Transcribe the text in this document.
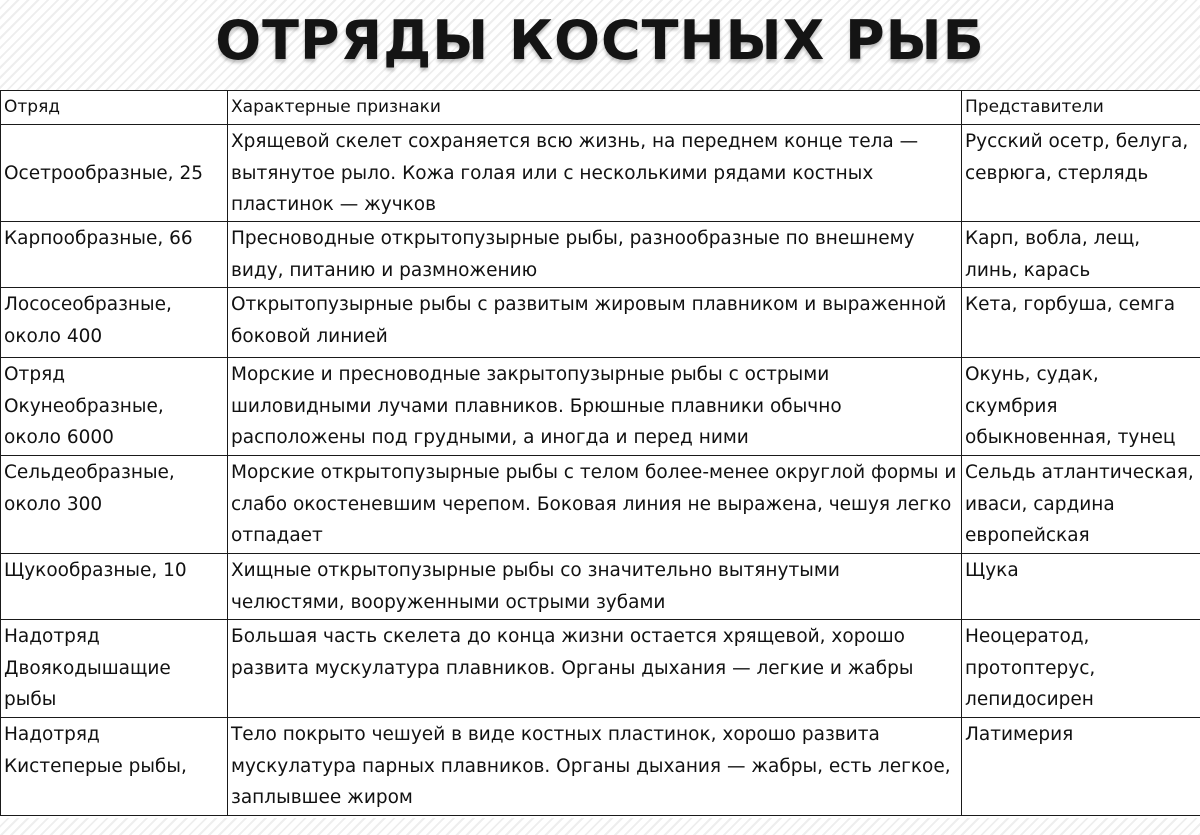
ОТРЯДЫ КОСТНЫХ РЫБ
Отряд	Характерные признаки	Представители
Осетрообразные, 25	Хрящевой скелет сохраняется всю жизнь, на переднем конце тела — вытянутое рыло. Кожа голая или с несколькими рядами костных пластинок — жучков	Русский осетр, белуга, севрюга, стерлядь
Карпообразные, 66	Пресноводные открытопузырные рыбы, разнообразные по внешнему виду, питанию и размножению	Карп, вобла, лещ, линь, карась
Лососеобразные, около 400	Открытопузырные рыбы с развитым жировым плавником и выраженной боковой линией	Кета, горбуша, семга
Отряд Окунеобразные, около 6000	Морские и пресноводные закрытопузырные рыбы с острыми шиловидными лучами плавников. Брюшные плавники обычно расположены под грудными, а иногда и перед ними	Окунь, судак, скумбрия обыкновенная, тунец
Сельдеобразные, около 300	Морские открытопузырные рыбы с телом более-менее округлой формы и слабо окостеневшим черепом. Боковая линия не выражена, чешуя легко отпадает	Сельдь атлантическая, иваси, сардина европейская
Щукообразные, 10	Хищные открытопузырные рыбы со значительно вытянутыми челюстями, вооруженными острыми зубами	Щука
Надотряд Двоякодышащие рыбы	Большая часть скелета до конца жизни остается хрящевой, хорошо развита мускулатура плавников. Органы дыхания — легкие и жабры	Неоцератод, протоптерус, лепидосирен
Надотряд Кистеперые рыбы,	Тело покрыто чешуей в виде костных пластинок, хорошо развита мускулатура парных плавников. Органы дыхания — жабры, есть легкое, заплывшее жиром	Латимерия
